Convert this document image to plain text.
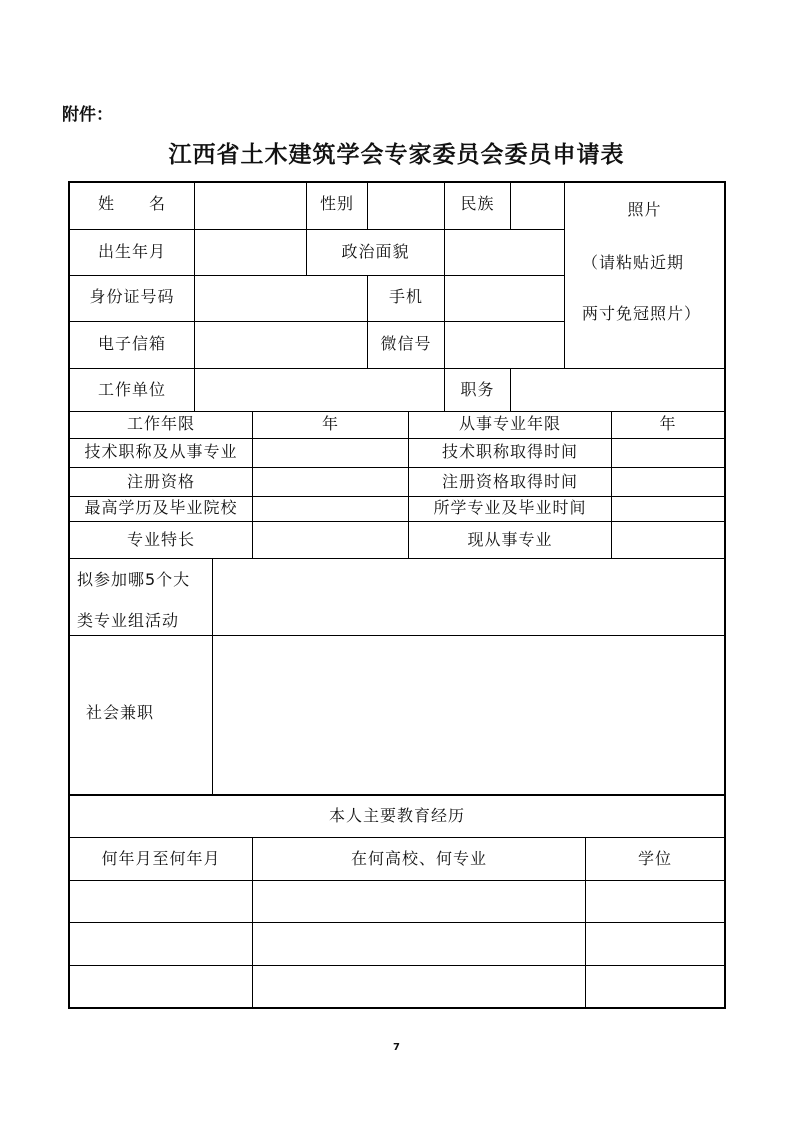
附件：
江西省土木建筑学会专家委员会委员申请表
姓　　名	性别	民族	照片
（请粘贴近期
两寸免冠照片）
出生年月	政治面貌
身份证号码	手机
电子信箱	微信号
工作单位	职务
工作年限	年	从事专业年限	年
技术职称及从事专业	技术职称取得时间
注册资格	注册资格取得时间
最高学历及毕业院校	所学专业及毕业时间
专业特长	现从事专业
拟参加哪5个大
类专业组活动
社会兼职
本人主要教育经历
何年月至何年月	在何高校、何专业	学位
7
